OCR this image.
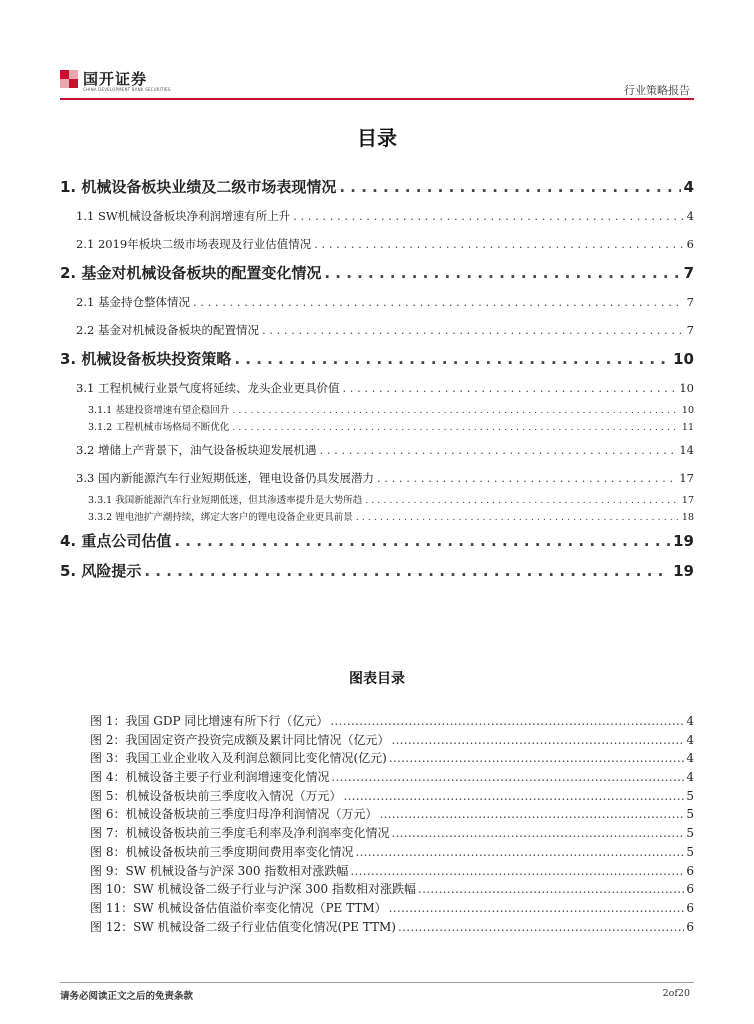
国开证券
CHINA DEVELOPMENT BANK SECURITIES	行业策略报告
目录
1. 机械设备板块业绩及二级市场表现情况 . . .	4
1.1 SW机械设备板块净利润增速有所上升 . . .	4
2.1 2019年板块二级市场表现及行业估值情况 . . .	6
2. 基金对机械设备板块的配置变化情况 . . .	7
2.1 基金持仓整体情况 . . .	7
2.2 基金对机械设备板块的配置情况 . . .	7
3. 机械设备板块投资策略 . . .	10
3.1 工程机械行业景气度将延续、龙头企业更具价值 . . .	10
3.1.1 基建投资增速有望企稳回升 . . .	10
3.1.2 工程机械市场格局不断优化 . . .	11
3.2 增储上产背景下，油气设备板块迎发展机遇 . . .	14
3.3 国内新能源汽车行业短期低迷，锂电设备仍具发展潜力 . . .	17
3.3.1 我国新能源汽车行业短期低迷，但其渗透率提升是大势所趋 . . .	17
3.3.2 锂电池扩产潮持续，绑定大客户的锂电设备企业更具前景 . . .	18
4. 重点公司估值 . . .	19
5. 风险提示 . . .	19
图表目录
图 1：我国 GDP 同比增速有所下行（亿元） .....	4
图 2：我国固定资产投资完成额及累计同比情况（亿元） .....	4
图 3：我国工业企业收入及利润总额同比变化情况(亿元) .....	4
图 4：机械设备主要子行业利润增速变化情况 .....	4
图 5：机械设备板块前三季度收入情况（万元） .....	5
图 6：机械设备板块前三季度归母净利润情况（万元） .....	5
图 7：机械设备板块前三季度毛利率及净利润率变化情况 .....	5
图 8：机械设备板块前三季度期间费用率变化情况 .....	5
图 9：SW 机械设备与沪深 300 指数相对涨跌幅 .....	6
图 10：SW 机械设备二级子行业与沪深 300 指数相对涨跌幅 .....	6
图 11：SW 机械设备估值溢价率变化情况（PE TTM） .....	6
图 12：SW 机械设备二级子行业估值变化情况(PE TTM) .....	6
请务必阅读正文之后的免责条款	2of20
